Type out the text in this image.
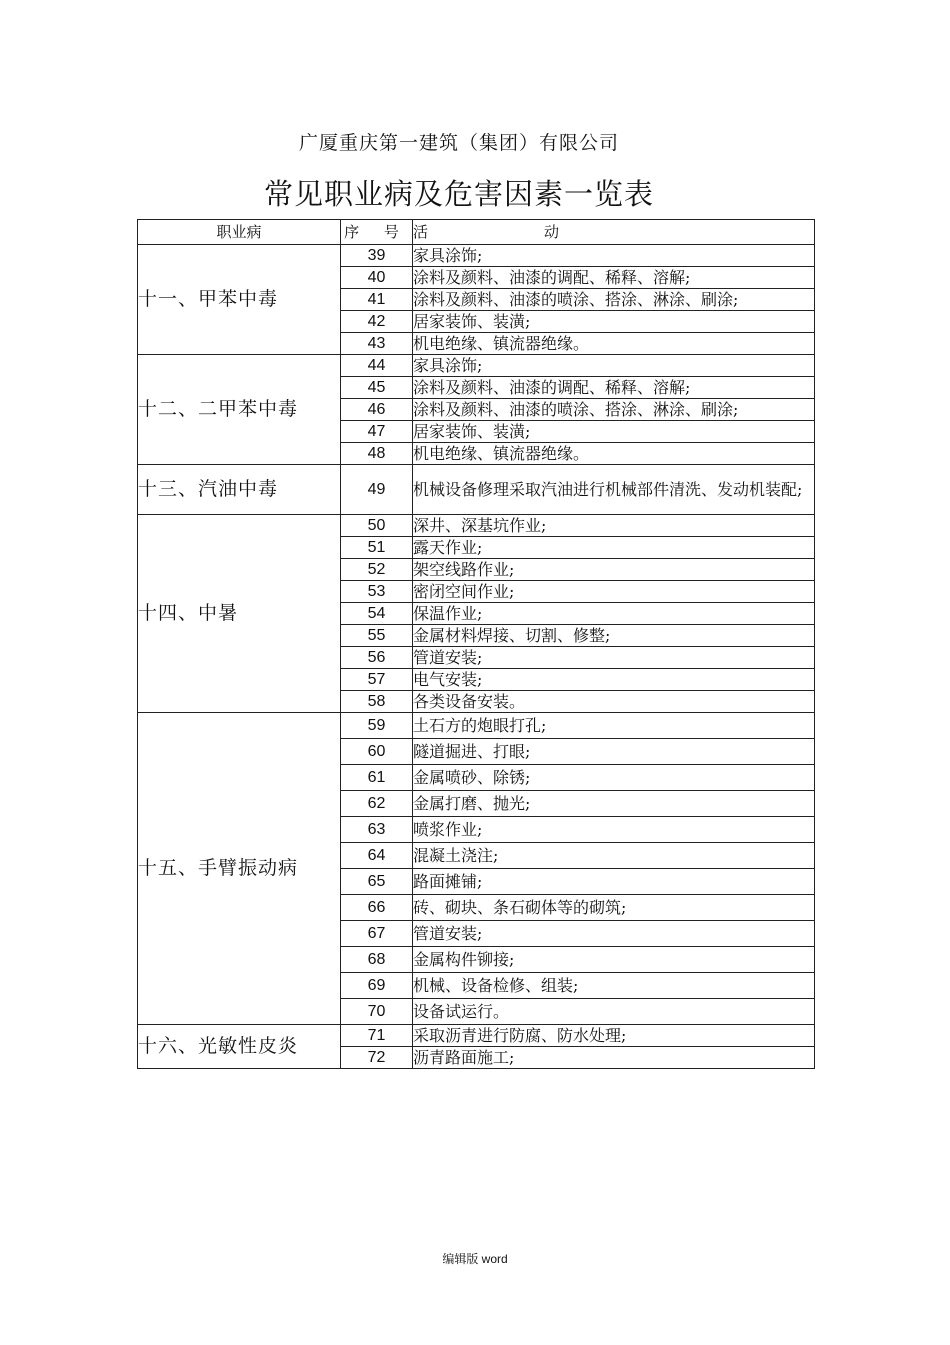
广厦重庆第一建筑（集团）有限公司
常见职业病及危害因素一览表
职业病	序 号	活 动
十一、甲苯中毒	39	家具涂饰;
	40	涂料及颜料、油漆的调配、稀释、溶解;
	41	涂料及颜料、油漆的喷涂、搭涂、淋涂、刷涂;
	42	居家装饰、装潢;
	43	机电绝缘、镇流器绝缘。
十二、二甲苯中毒	44	家具涂饰;
	45	涂料及颜料、油漆的调配、稀释、溶解;
	46	涂料及颜料、油漆的喷涂、搭涂、淋涂、刷涂;
	47	居家装饰、装潢;
	48	机电绝缘、镇流器绝缘。
十三、汽油中毒	49	机械设备修理采取汽油进行机械部件清洗、发动机装配;
十四、中暑	50	深井、深基坑作业;
	51	露天作业;
	52	架空线路作业;
	53	密闭空间作业;
	54	保温作业;
	55	金属材料焊接、切割、修整;
	56	管道安装;
	57	电气安装;
	58	各类设备安装。
十五、手臂振动病	59	土石方的炮眼打孔;
	60	隧道掘进、打眼;
	61	金属喷砂、除锈;
	62	金属打磨、抛光;
	63	喷浆作业;
	64	混凝土浇注;
	65	路面摊铺;
	66	砖、砌块、条石砌体等的砌筑;
	67	管道安装;
	68	金属构件铆接;
	69	机械、设备检修、组装;
	70	设备试运行。
十六、光敏性皮炎	71	采取沥青进行防腐、防水处理;
	72	沥青路面施工;
编辑版 word
